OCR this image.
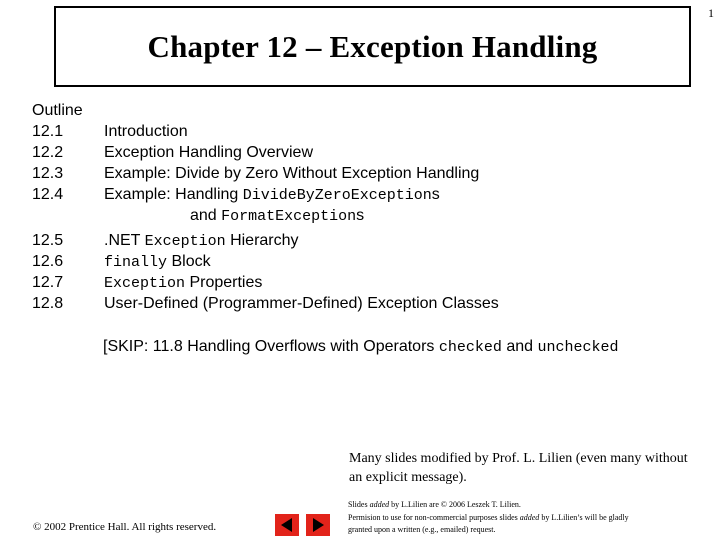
1
Chapter 12 – Exception Handling
Outline
12.1	Introduction
12.2	Exception Handling Overview
12.3	Example: Divide by Zero Without Exception Handling
12.4	Example: Handling DivideByZeroExceptions
and FormatExceptions
12.5	.NET Exception Hierarchy
12.6	finally Block
12.7	Exception Properties
12.8	User-Defined (Programmer-Defined) Exception Classes
[SKIP: 11.8 Handling Overflows with Operators checked and unchecked
Many slides modified by Prof. L. Lilien (even many without an explicit message).
© 2002 Prentice Hall. All rights reserved.
Slides added by L.Lilien are © 2006 Leszek T. Lilien.
Permision to use for non-commercial purposes slides added by L.Lilien’s will be gladly
granted upon a written (e.g., emailed) request.
